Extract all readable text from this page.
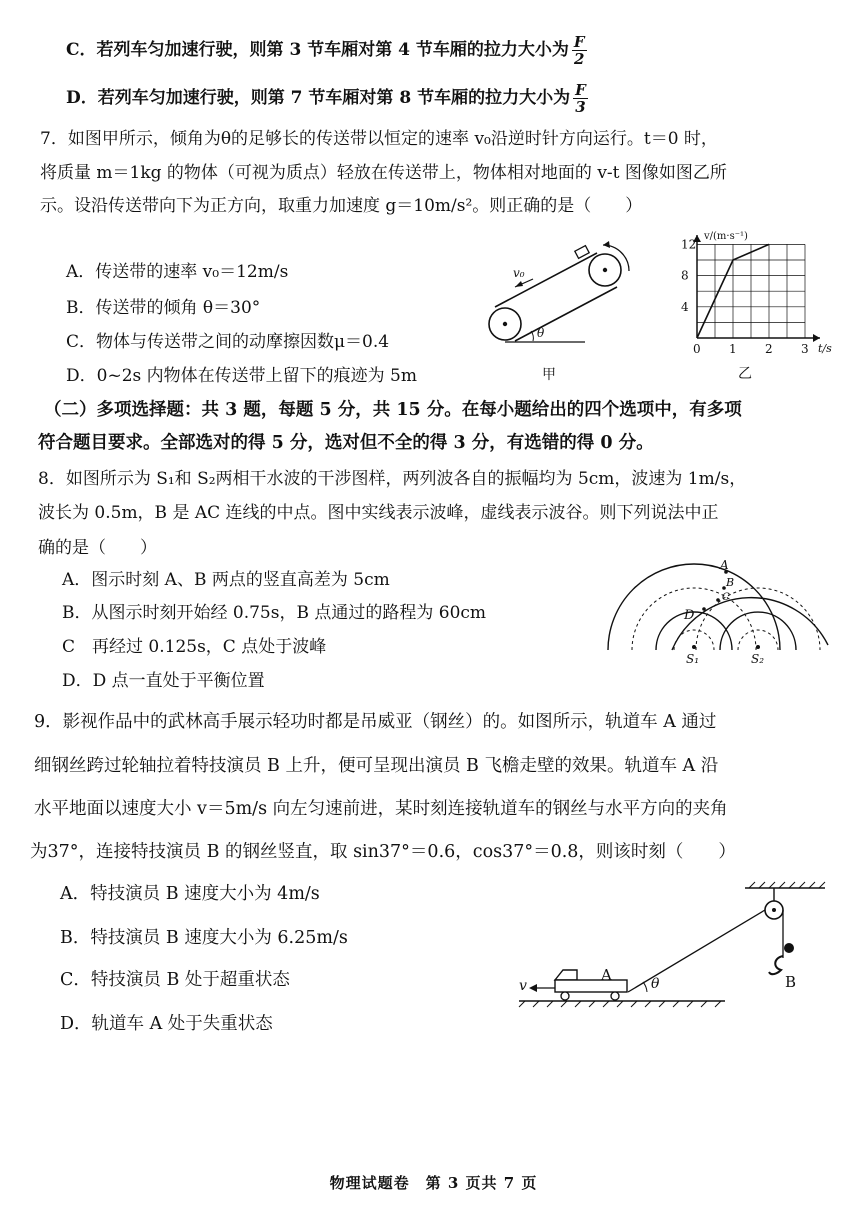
C．若列车匀加速行驶，则第 3 节车厢对第 4 节车厢的拉力大小为 $\frac{F}{2}$
D．若列车匀加速行驶，则第 7 节车厢对第 8 节车厢的拉力大小为 $\frac{F}{3}$
7．如图甲所示，倾角为θ的足够长的传送带以恒定的速率 v₀沿逆时针方向运行。t＝0 时，
将质量 m＝1kg 的物体（可视为质点）轻放在传送带上，物体相对地面的 v-t 图像如图乙所
示。设沿传送带向下为正方向，取重力加速度 g＝10m/s²。则正确的是（　　）
A．传送带的速率 v₀＝12m/s
B．传送带的倾角 θ＝30°
C．物体与传送带之间的动摩擦因数μ＝0.4
D．0~2s 内物体在传送带上留下的痕迹为 5m
v₀
θ
甲
4
8
12
0 1 2 3
v/(m·s⁻¹)
t/s
乙
（二）多项选择题：共 3 题，每题 5 分，共 15 分。在每小题给出的四个选项中，有多项
符合题目要求。全部选对的得 5 分，选对但不全的得 3 分，有选错的得 0 分。
8．如图所示为 S₁和 S₂两相干水波的干涉图样，两列波各自的振幅均为 5cm，波速为 1m/s，
波长为 0.5m，B 是 AC 连线的中点。图中实线表示波峰，虚线表示波谷。则下列说法中正
确的是（　　）
A．图示时刻 A、B 两点的竖直高差为 5cm
B．从图示时刻开始经 0.75s，B 点通过的路程为 60cm
C　再经过 0.125s，C 点处于波峰
D．D 点一直处于平衡位置
A
B
C
D
S₁	S₂
9．影视作品中的武林高手展示轻功时都是吊威亚（钢丝）的。如图所示，轨道车 A 通过
细钢丝跨过轮轴拉着特技演员 B 上升，便可呈现出演员 B 飞檐走壁的效果。轨道车 A 沿
水平地面以速度大小 v＝5m/s 向左匀速前进，某时刻连接轨道车的钢丝与水平方向的夹角
为37°，连接特技演员 B 的钢丝竖直，取 sin37°＝0.6，cos37°＝0.8，则该时刻（　　）
A．特技演员 B 速度大小为 4m/s
B．特技演员 B 速度大小为 6.25m/s
C．特技演员 B 处于超重状态
D．轨道车 A 处于失重状态
B
A
v	θ
物理试题卷　第 3 页共 7 页
